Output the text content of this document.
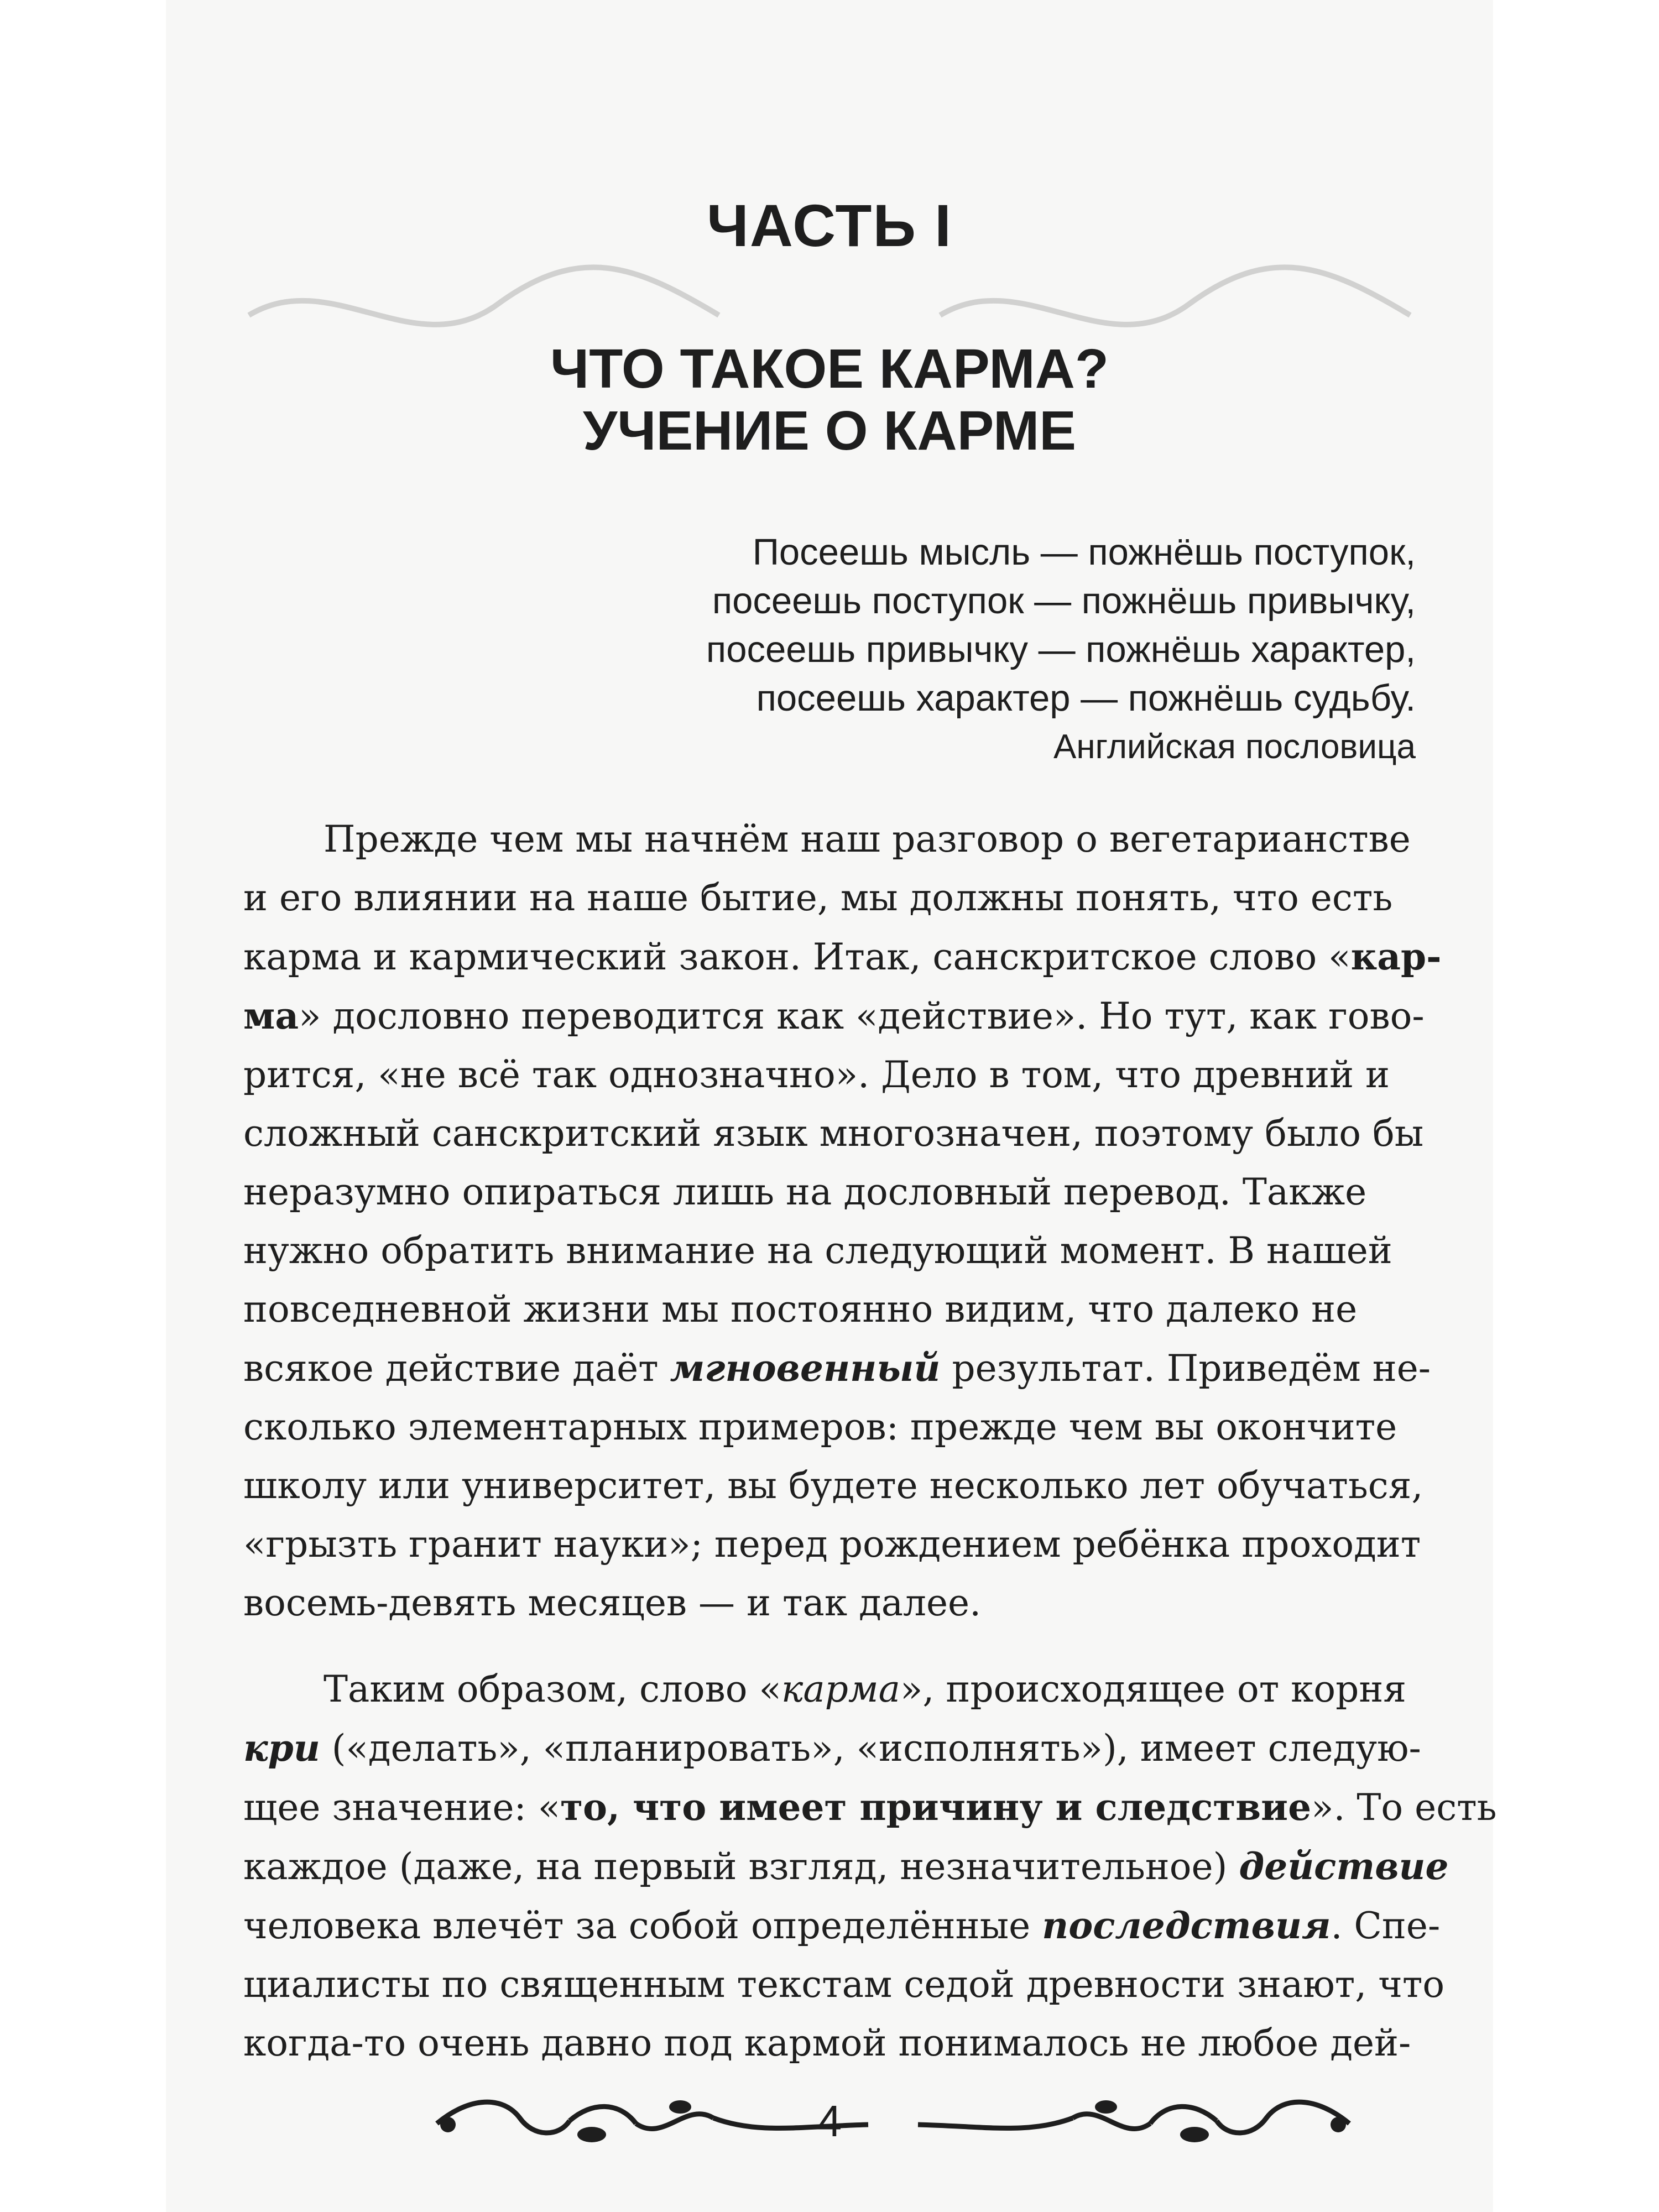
ЧАСТЬ I
ЧТО ТАКОЕ КАРМА?
УЧЕНИЕ О КАРМЕ
Посеешь мысль — пожнёшь поступок,
посеешь поступок — пожнёшь привычку,
посеешь привычку — пожнёшь характер,
посеешь характер — пожнёшь судьбу.
Английская пословица
Прежде чем мы начнём наш разговор о вегетарианстве
и его влиянии на наше бытие, мы должны понять, что есть
карма и кармический закон. Итак, санскритское слово «кар-
ма» дословно переводится как «действие». Но тут, как гово-
рится, «не всё так однозначно». Дело в том, что древний и
сложный санскритский язык многозначен, поэтому было бы
неразумно опираться лишь на дословный перевод. Также
нужно обратить внимание на следующий момент. В нашей
повседневной жизни мы постоянно видим, что далеко не
всякое действие даёт мгновенный результат. Приведём не-
сколько элементарных примеров: прежде чем вы окончите
школу или университет, вы будете несколько лет обучаться,
«грызть гранит науки»; перед рождением ребёнка проходит
восемь-девять месяцев — и так далее.
Таким образом, слово «карма», происходящее от корня
кри («делать», «планировать», «исполнять»), имеет следую-
щее значение: «то, что имеет причину и следствие». То есть
каждое (даже, на первый взгляд, незначительное) действие
человека влечёт за собой определённые последствия. Спе-
циалисты по священным текстам седой древности знают, что
когда-то очень давно под кармой понималось не любое дей-
4
